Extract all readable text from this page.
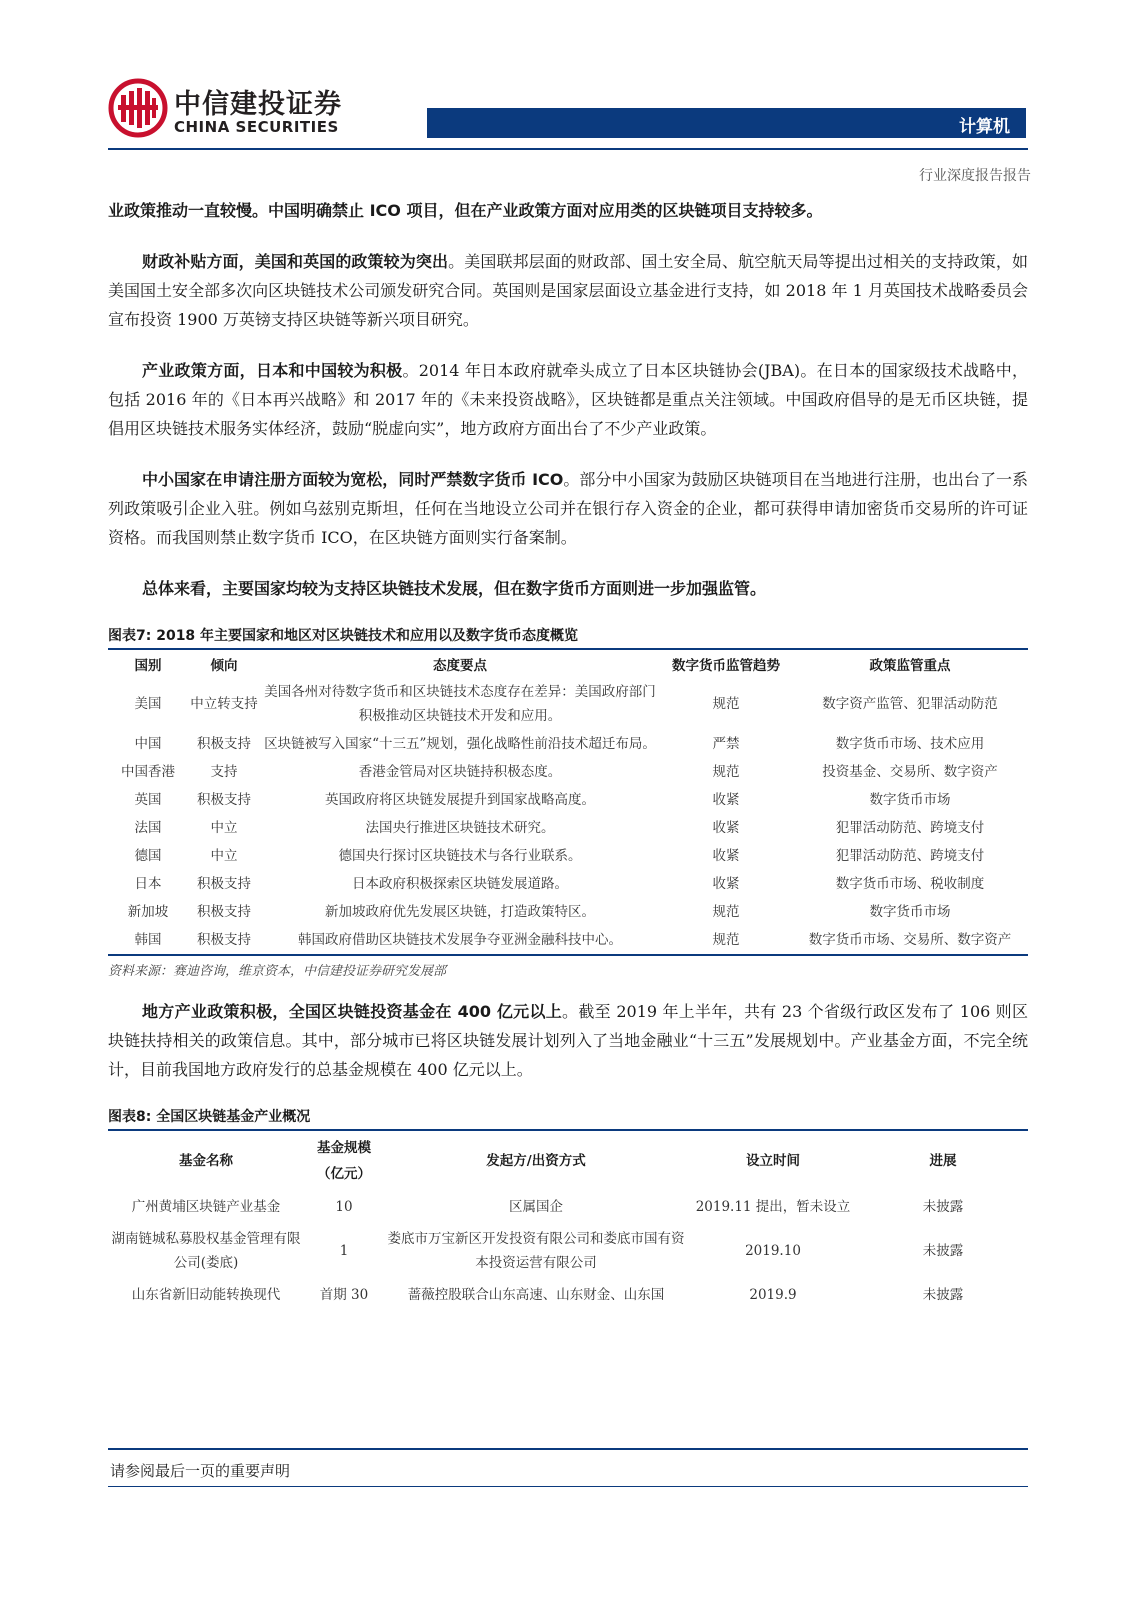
中信建投证券
CHINA SECURITIES	计算机
行业深度报告报告

业政策推动一直较慢。中国明确禁止 ICO 项目，但在产业政策方面对应用类的区块链项目支持较多。

财政补贴方面，美国和英国的政策较为突出。美国联邦层面的财政部、国土安全局、航空航天局等提出过相关的支持政策，如美国国土安全部多次向区块链技术公司颁发研究合同。英国则是国家层面设立基金进行支持，如 2018 年 1 月英国技术战略委员会宣布投资 1900 万英镑支持区块链等新兴项目研究。

产业政策方面，日本和中国较为积极。2014 年日本政府就牵头成立了日本区块链协会(JBA)。在日本的国家级技术战略中，包括 2016 年的《日本再兴战略》和 2017 年的《未来投资战略》，区块链都是重点关注领域。中国政府倡导的是无币区块链，提倡用区块链技术服务实体经济，鼓励“脱虚向实”，地方政府方面出台了不少产业政策。

中小国家在申请注册方面较为宽松，同时严禁数字货币 ICO。部分中小国家为鼓励区块链项目在当地进行注册，也出台了一系列政策吸引企业入驻。例如乌兹别克斯坦，任何在当地设立公司并在银行存入资金的企业，都可获得申请加密货币交易所的许可证资格。而我国则禁止数字货币 ICO，在区块链方面则实行备案制。

总体来看，主要国家均较为支持区块链技术发展，但在数字货币方面则进一步加强监管。

图表7: 2018 年主要国家和地区对区块链技术和应用以及数字货币态度概览

国别	倾向	态度要点	数字货币监管趋势	政策监管重点
美国	中立转支持	美国各州对待数字货币和区块链技术态度存在差异：美国政府部门积极推动区块链技术开发和应用。	规范	数字资产监管、犯罪活动防范
中国	积极支持	区块链被写入国家“十三五”规划，强化战略性前沿技术超迁布局。	严禁	数字货币市场、技术应用
中国香港	支持	香港金管局对区块链持积极态度。	规范	投资基金、交易所、数字资产
英国	积极支持	英国政府将区块链发展提升到国家战略高度。	收紧	数字货币市场
法国	中立	法国央行推进区块链技术研究。	收紧	犯罪活动防范、跨境支付
德国	中立	德国央行探讨区块链技术与各行业联系。	收紧	犯罪活动防范、跨境支付
日本	积极支持	日本政府积极探索区块链发展道路。	收紧	数字货币市场、税收制度
新加坡	积极支持	新加坡政府优先发展区块链，打造政策特区。	规范	数字货币市场
韩国	积极支持	韩国政府借助区块链技术发展争夺亚洲金融科技中心。	规范	数字货币市场、交易所、数字资产

资料来源：赛迪咨询，维京资本，中信建投证券研究发展部

地方产业政策积极，全国区块链投资基金在 400 亿元以上。截至 2019 年上半年，共有 23 个省级行政区发布了 106 则区块链扶持相关的政策信息。其中，部分城市已将区块链发展计划列入了当地金融业“十三五”发展规划中。产业基金方面，不完全统计，目前我国地方政府发行的总基金规模在 400 亿元以上。

图表8: 全国区块链基金产业概况

基金名称	基金规模（亿元）	发起方/出资方式	设立时间	进展
广州黄埔区块链产业基金	10	区属国企	2019.11 提出，暂未设立	未披露
湖南链城私募股权基金管理有限公司(娄底)	1	娄底市万宝新区开发投资有限公司和娄底市国有资本投资运营有限公司	2019.10	未披露
山东省新旧动能转换现代	首期 30	蔷薇控股联合山东高速、山东财金、山东国	2019.9	未披露
请参阅最后一页的重要声明
